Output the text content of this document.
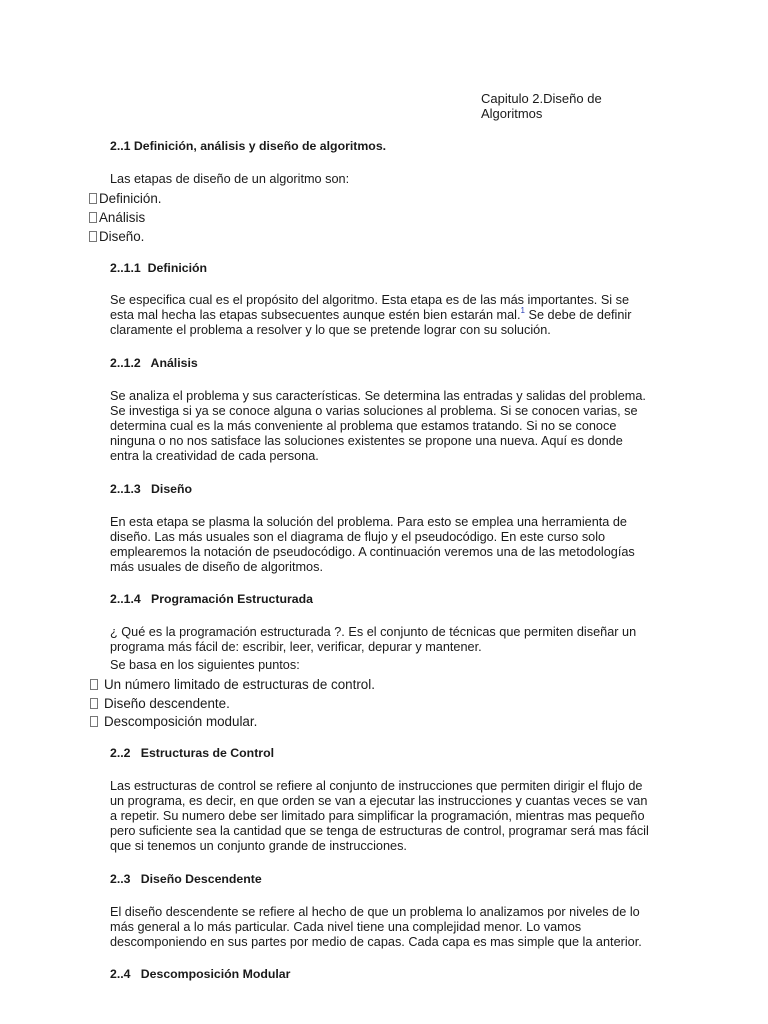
Capitulo 2.Diseño de
Algoritmos
2..1 Definición, análisis y diseño de algoritmos.
Las etapas de diseño de un algoritmo son:
Definición.
Análisis
Diseño.
2..1.1  Definición
Se especifica cual es el propósito del algoritmo. Esta etapa es de las más importantes. Si se
esta mal hecha las etapas subsecuentes aunque estén bien estarán mal.$^1$ Se debe de definir
claramente el problema a resolver y lo que se pretende lograr con su solución.
2..1.2   Análisis
Se analiza el problema y sus características. Se determina las entradas y salidas del problema.
Se investiga si ya se conoce alguna o varias soluciones al problema. Si se conocen varias, se
determina cual es la más conveniente al problema que estamos tratando. Si no se conoce
ninguna o no nos satisface las soluciones existentes se propone una nueva. Aquí es donde
entra la creatividad de cada persona.
2..1.3   Diseño
En esta etapa se plasma la solución del problema. Para esto se emplea una herramienta de
diseño. Las más usuales son el diagrama de flujo y el pseudocódigo. En este curso solo
emplearemos la notación de pseudocódigo. A continuación veremos una de las metodologías
más usuales de diseño de algoritmos.
2..1.4   Programación Estructurada
¿ Qué es la programación estructurada ?. Es el conjunto de técnicas que permiten diseñar un
programa más fácil de: escribir, leer, verificar, depurar y mantener.
Se basa en los siguientes puntos:
Un número limitado de estructuras de control.
Diseño descendente.
Descomposición modular.
2..2   Estructuras de Control
Las estructuras de control se refiere al conjunto de instrucciones que permiten dirigir el flujo de
un programa, es decir, en que orden se van a ejecutar las instrucciones y cuantas veces se van
a repetir. Su numero debe ser limitado para simplificar la programación, mientras mas pequeño
pero suficiente sea la cantidad que se tenga de estructuras de control, programar será mas fácil
que si tenemos un conjunto grande de instrucciones.
2..3   Diseño Descendente
El diseño descendente se refiere al hecho de que un problema lo analizamos por niveles de lo
más general a lo más particular. Cada nivel tiene una complejidad menor. Lo vamos
descomponiendo en sus partes por medio de capas. Cada capa es mas simple que la anterior.
2..4   Descomposición Modular
